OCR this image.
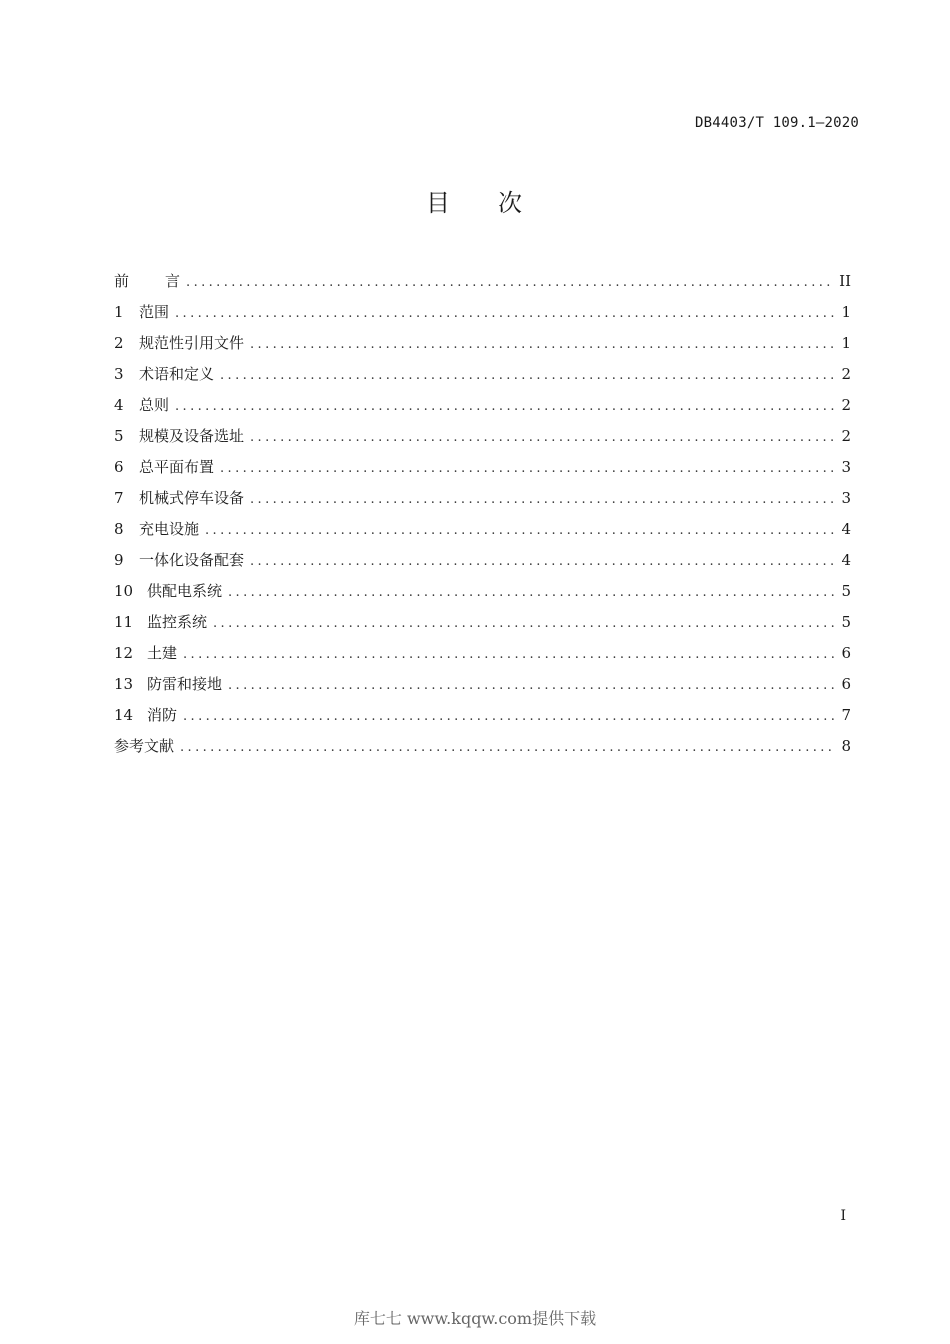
DB4403/T 109.1—2020
目 次
前 言 .....	II
1	范围 .....	1
2	规范性引用文件 .....	1
3	术语和定义 .....	2
4	总则 .....	2
5	规模及设备选址 .....	2
6	总平面布置 .....	3
7	机械式停车设备 .....	3
8	充电设施 .....	4
9	一体化设备配套 .....	4
10 供配电系统 .....	5
11 监控系统 .....	5
12 土建 .....	6
13 防雷和接地 .....	6
14 消防 .....	7
参考文献 .....	8
I
库七七 www.kqqw.com提供下载
